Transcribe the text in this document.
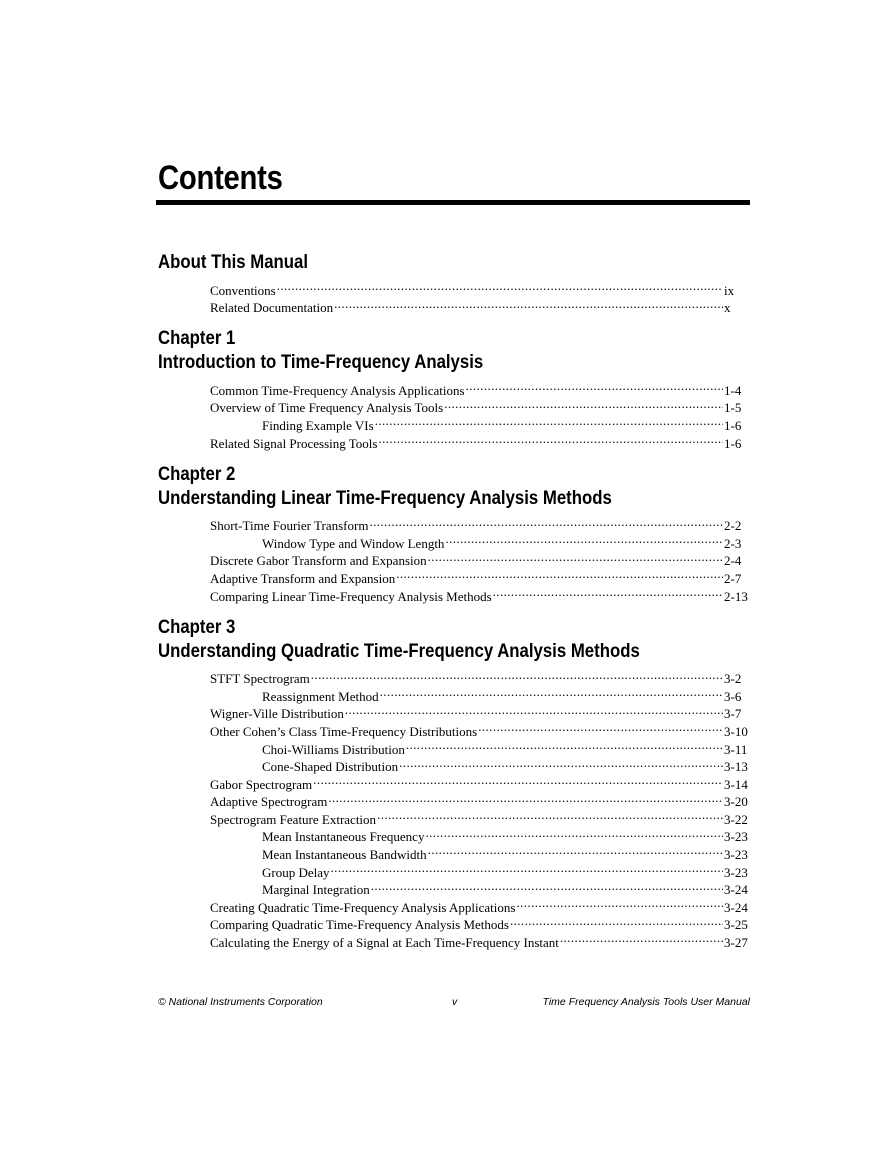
Contents
About This Manual
Conventions .....	ix
Related Documentation .....	x
Chapter 1
Introduction to Time-Frequency Analysis
Common Time-Frequency Analysis Applications .....	1-4
Overview of Time Frequency Analysis Tools .....	1-5
Finding Example VIs .....	1-6
Related Signal Processing Tools .....	1-6
Chapter 2
Understanding Linear Time-Frequency Analysis Methods
Short-Time Fourier Transform .....	2-2
Window Type and Window Length .....	2-3
Discrete Gabor Transform and Expansion .....	2-4
Adaptive Transform and Expansion .....	2-7
Comparing Linear Time-Frequency Analysis Methods .....	2-13
Chapter 3
Understanding Quadratic Time-Frequency Analysis Methods
STFT Spectrogram .....	3-2
Reassignment Method .....	3-6
Wigner-Ville Distribution .....	3-7
Other Cohen’s Class Time-Frequency Distributions .....	3-10
Choi-Williams Distribution .....	3-11
Cone-Shaped Distribution .....	3-13
Gabor Spectrogram .....	3-14
Adaptive Spectrogram .....	3-20
Spectrogram Feature Extraction .....	3-22
Mean Instantaneous Frequency .....	3-23
Mean Instantaneous Bandwidth .....	3-23
Group Delay .....	3-23
Marginal Integration .....	3-24
Creating Quadratic Time-Frequency Analysis Applications .....	3-24
Comparing Quadratic Time-Frequency Analysis Methods .....	3-25
Calculating the Energy of a Signal at Each Time-Frequency Instant .....	3-27
© National Instruments Corporation	v	Time Frequency Analysis Tools User Manual
